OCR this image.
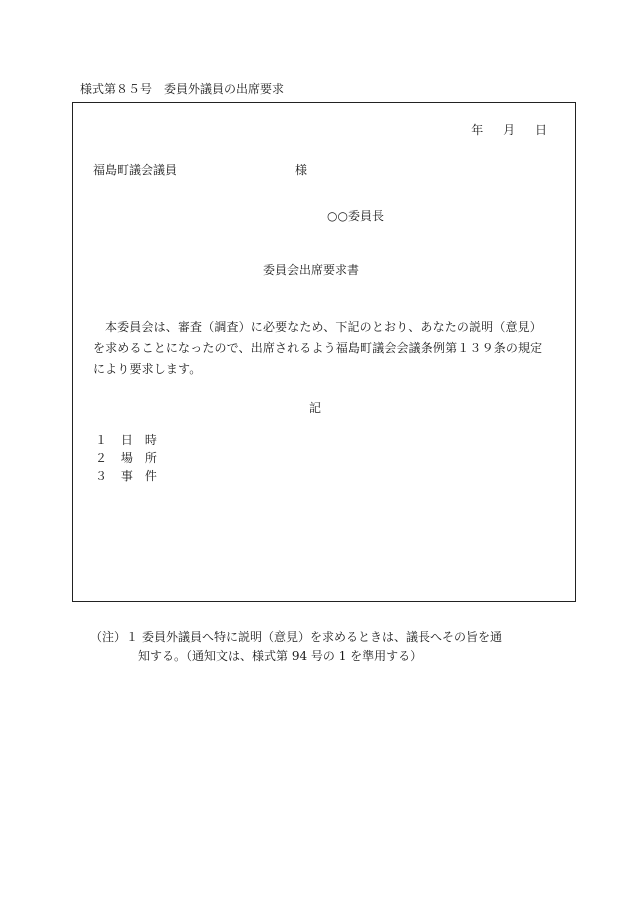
様式第８５号　委員外議員の出席要求
年 月 日
福島町議会議員	様
○○委員長
委員会出席要求書
本委員会は、審査（調査）に必要なため、下記のとおり、あなたの説明（意見）を求めることになったので、出席されるよう福島町議会会議条例第１３９条の規定により要求します。
記
１ 日時
２ 場所
３ 事件
（注）１ 委員外議員へ特に説明（意見）を求めるときは、議長へその旨を通
知する。（通知文は、様式第 94 号の 1 を準用する）
